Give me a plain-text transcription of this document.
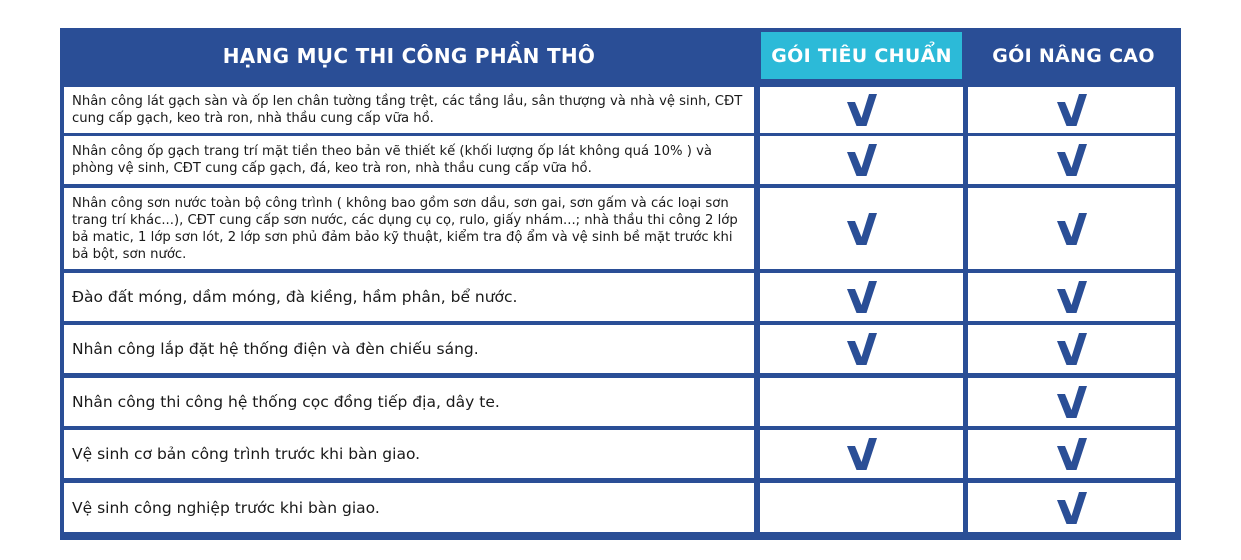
HẠNG MỤC THI CÔNG PHẦN THÔ	GÓI TIÊU CHUẨN	GÓI NÂNG CAO
Nhân công lát gạch sàn và ốp len chân tường tầng trệt, các tầng lầu, sân thượng và nhà vệ sinh, CĐT cung cấp gạch, keo trà ron, nhà thầu cung cấp vữa hồ.
Nhân công ốp gạch trang trí mặt tiền theo bản vẽ thiết kế (khối lượng ốp lát không quá 10% ) và phòng vệ sinh, CĐT cung cấp gạch, đá, keo trà ron, nhà thầu cung cấp vữa hồ.
Nhân công sơn nước toàn bộ công trình ( không bao gồm sơn dầu, sơn gai, sơn gấm và các loại sơn trang trí khác...), CĐT cung cấp sơn nước, các dụng cụ cọ, rulo, giấy nhám...; nhà thầu thi công 2 lớp bả matic, 1 lớp sơn lót, 2 lớp sơn phủ đảm bảo kỹ thuật, kiểm tra độ ẩm và vệ sinh bề mặt trước khi bả bột, sơn nước.
Đào đất móng, dầm móng, đà kiềng, hầm phân, bể nước.
Nhân công lắp đặt hệ thống điện và đèn chiếu sáng.
Nhân công thi công hệ thống cọc đồng tiếp địa, dây te.
Vệ sinh cơ bản công trình trước khi bàn giao.
Vệ sinh công nghiệp trước khi bàn giao.
